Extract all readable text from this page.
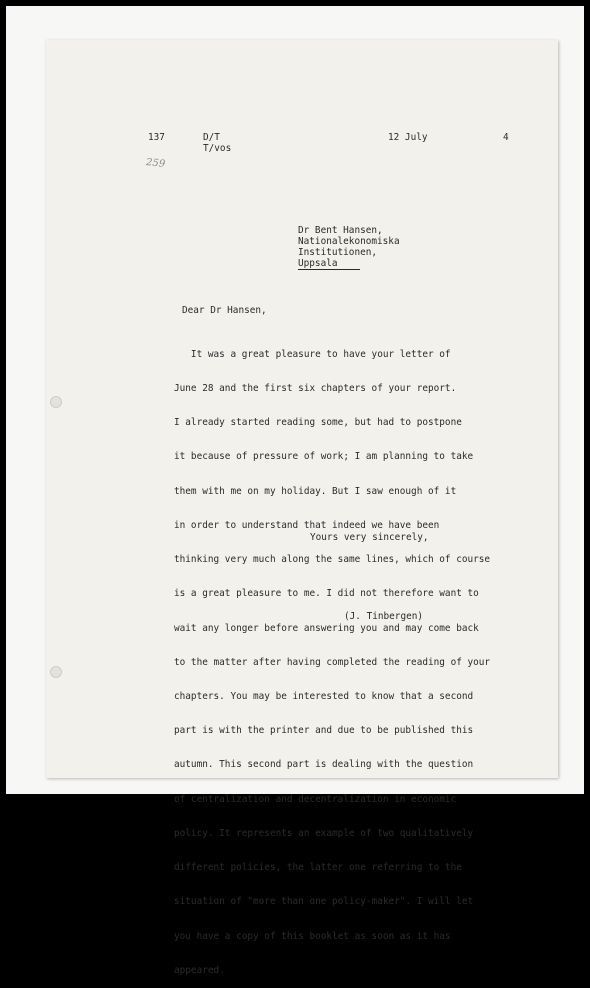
137	D/T
T/vos
12 July	4
259
Dr Bent Hansen,
Nationalekonomiska
Institutionen,
Uppsala
Dear Dr Hansen,

It was a great pleasure to have your letter of

June 28 and the first six chapters of your report.

I already started reading some, but had to postpone

it because of pressure of work; I am planning to take

them with me on my holiday. But I saw enough of it

in order to understand that indeed we have been

thinking very much along the same lines, which of course

is a great pleasure to me. I did not therefore want to

wait any longer before answering you and may come back

to the matter after having completed the reading of your

chapters. You may be interested to know that a second

part is with the printer and due to be published this

autumn. This second part is dealing with the question

of centralization and decentralization in economic

policy. It represents an example of two qualitatively

different policies, the latter one referring to the

situation of "more than one policy-maker". I will let

you have a copy of this booklet as soon as it has

appeared.

Yours very sincerely,
(J. Tinbergen)
